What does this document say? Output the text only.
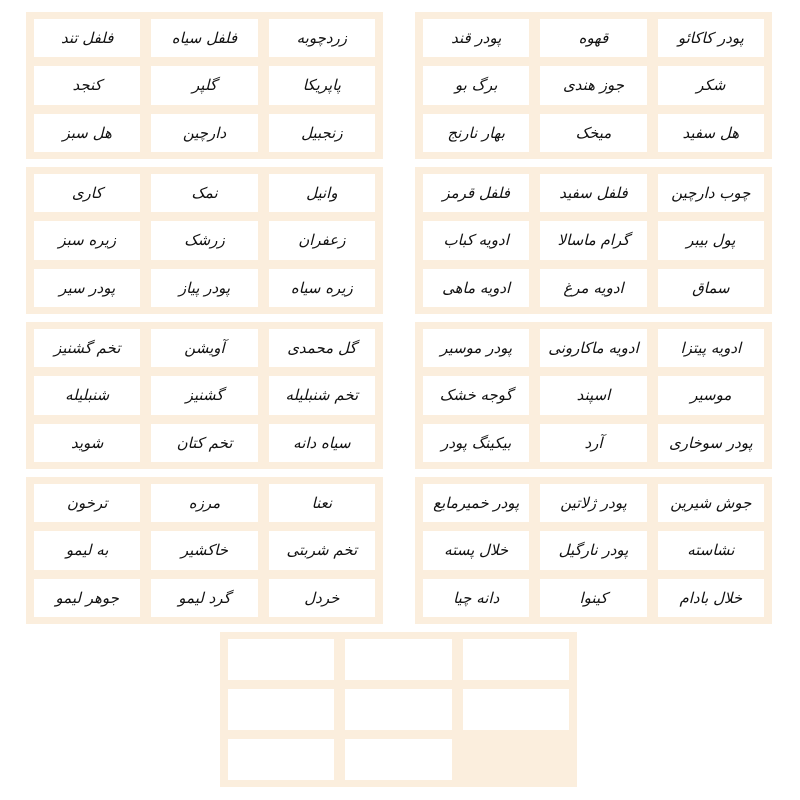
پودر قند	قهوه	پودر کاکائو
برگ بو	جوز هندی	شکر
بهار نارنج	میخک	هل سفید
فلفل تند	فلفل سیاه	زردچوبه
کنجد	گلپر	پاپریکا
هل سبز	دارچین	زنجبیل
فلفل قرمز	فلفل سفید	چوب دارچین
ادویه کباب	گرام ماسالا	پول بیبر
ادویه ماهی	ادویه مرغ	سماق
کاری	نمک	وانیل
زیره سبز	زرشک	زعفران
پودر سیر	پودر پیاز	زیره سیاه
پودر موسیر	ادویه ماکارونی	ادویه پیتزا
گوجه خشک	اسپند	موسیر
بیکینگ پودر	آرد	پودر سوخاری
تخم گشنیز	آویشن	گل محمدی
شنبلیله	گشنیز	تخم شنبلیله
شوید	تخم کتان	سیاه دانه
پودر خمیرمایع	پودر ژلاتین	جوش شیرین
خلال پسته	پودر نارگیل	نشاسته
دانه چیا	کینوا	خلال بادام
ترخون	مرزه	نعنا
به لیمو	خاکشیر	تخم شربتی
جوهر لیمو	گرد لیمو	خردل
